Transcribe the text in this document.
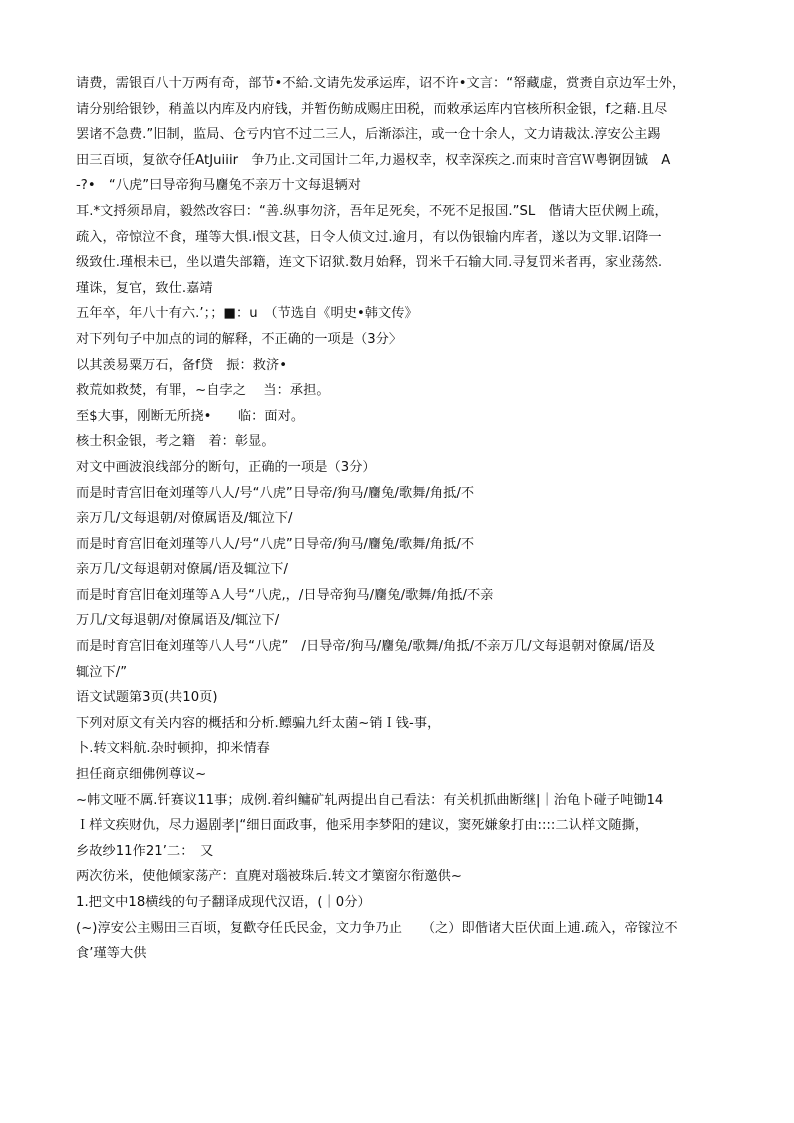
请费，需银百八十万两有奇，部节•不給.文请先发承运库，诏不许•文言：“帑藏虚，赏赉自京边军士外，
请分别给银钞，稍盖以内库及内府钱，并暂伤鲂成赐庄田税，而敕承运库内官核所积金银，f之藉.且尽
罢诸不急费.”旧制，监局、仓亏内官不过二三人，后渐添注，或一仓十余人，文力请裁汰.淳安公主踢
田三百顷，复欲夺任AtJuiiir　争乃止.文司国计二年,力遏权幸，权幸深疾之.而束时音宫Ｗ粤锕㘞铖　A
-?•　“八虎”曰导帝狗马麕兔不亲万十文每退辆对
耳.*文捋须昂肩，毅然改容曰：“善.纵事勿济，吾年足死矣，不死不足报国.”SL　偕请大臣伏阙上疏，
疏入，帝惊泣不食，瑾等大惧.i恨文甚，日令人侦文过.逾月，有以伪银输内库者，遂以为文罪.诏降一
级致仕.瑾根未已，坐以遣失部籍，连文下诏狱.数月始释，罚米千石输大同.寻复罚米者再，家业荡然.
瑾诛，复官，致仕.嘉靖
五年卒，年八十有六.’；；■：u　（节选自《明史•韩文传》
对下列句子中加点的词的解释，不正确的一项是（3分〉
以其羡易粟万石，备f贷　振：救济•
救荒如救焚，有罪，~自孛之　 当：承担。
至$大事，刚断无所挠•　　临：面对。
核士积金银，考之籍　着：彰显。
对文中画波浪线部分的断句，正确的一项是（3分）
而是时青宫旧奄刘瑾等八人/号“八虎”日导帝/狗马/麕兔/歌舞/角抵/不
亲万几/文每退朝/对僚属语及/辄泣下/
而是时育宫旧奄刘瑾等八人/号“八虎”日导帝/狗马/麕兔/歌舞/角抵/不
亲万几/文每退朝对僚属/语及辄泣下/
而是时育宫旧奄刘瑾等Ａ人号“八虎,，/日导帝狗马/麕兔/歌舞/角抵/不亲
万几/文每退朝/对僚属语及/辄泣下/
而是时育宫旧奄刘瑾等八人号“八虎”　/日导帝/狗马/麕兔/歌舞/角抵/不亲万几/文每退朝对僚属/语及
辄泣下/”
语文试题第3页(共10页)
下列对原文有关内容的概括和分析.鳔骗九纤太菌~销Ｉ钱-事，
卜.转文料航.杂时顿抑，抑米情春
担任商京细佛例尊议~
~帏文哑不厲.钎赛议11事；成例.着纠鳙矿轧两提出自己看法：有关机抓曲断继|｜治龟卜碰子吨锄14
Ｉ样文疾财仇，尽力遏剧孝|“细日面政事，他采用李梦阳的建议，窦死嫌象打由::::二认样文随撕，
乡故纱11作21’二：　又
两次彷米，使他倾家荡产：直麂对瑙被珠后.转文才篥窗尔衔邀供~
1.把文中18横线的句子翻译成现代汉语，(｜0分）
(~)淳安公主赐田三百顷，复歡夺任氏民金，文力争乃止　　（之）即偕诸大臣伏面上逋.疏入，帝镓泣不
食’瑾等大供
